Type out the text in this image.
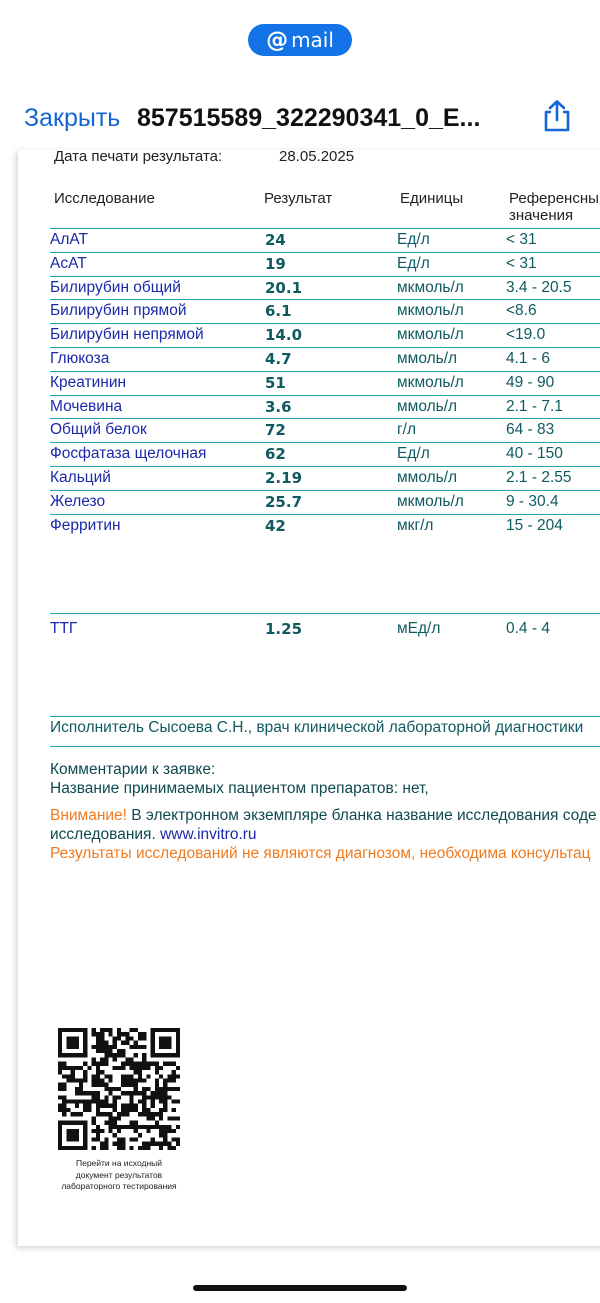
@ mail
Закрыть 857515589_322290341_0_E...
Дата печати результата:	28.05.2025
Исследование	Результат	Единицы	Референсны
значения
АлАТ	24	Ед/л	< 31
АсАТ	19	Ед/л	< 31
Билирубин общий	20.1	мкмоль/л	3.4 - 20.5
Билирубин прямой	6.1	мкмоль/л	<8.6
Билирубин непрямой	14.0	мкмоль/л	<19.0
Глюкоза	4.7	ммоль/л	4.1 - 6
Креатинин	51	мкмоль/л	49 - 90
Мочевина	3.6	ммоль/л	2.1 - 7.1
Общий белок	72	г/л	64 - 83
Фосфатаза щелочная	62	Ед/л	40 - 150
Кальций	2.19	ммоль/л	2.1 - 2.55
Железо	25.7	мкмоль/л	9 - 30.4
Ферритин	42	мкг/л	15 - 204
ТТГ	1.25	мЕд/л	0.4 - 4
Исполнитель Сысоева С.Н., врач клинической лабораторной диагностики
Комментарии к заявке:
Название принимаемых пациентом препаратов: нет,
Внимание! В электронном экземпляре бланка название исследования соде
исследования. www.invitro.ru
Результаты исследований не являются диагнозом, необходима консультац
Перейти на исходный
документ результатов
лабораторного тестирования
